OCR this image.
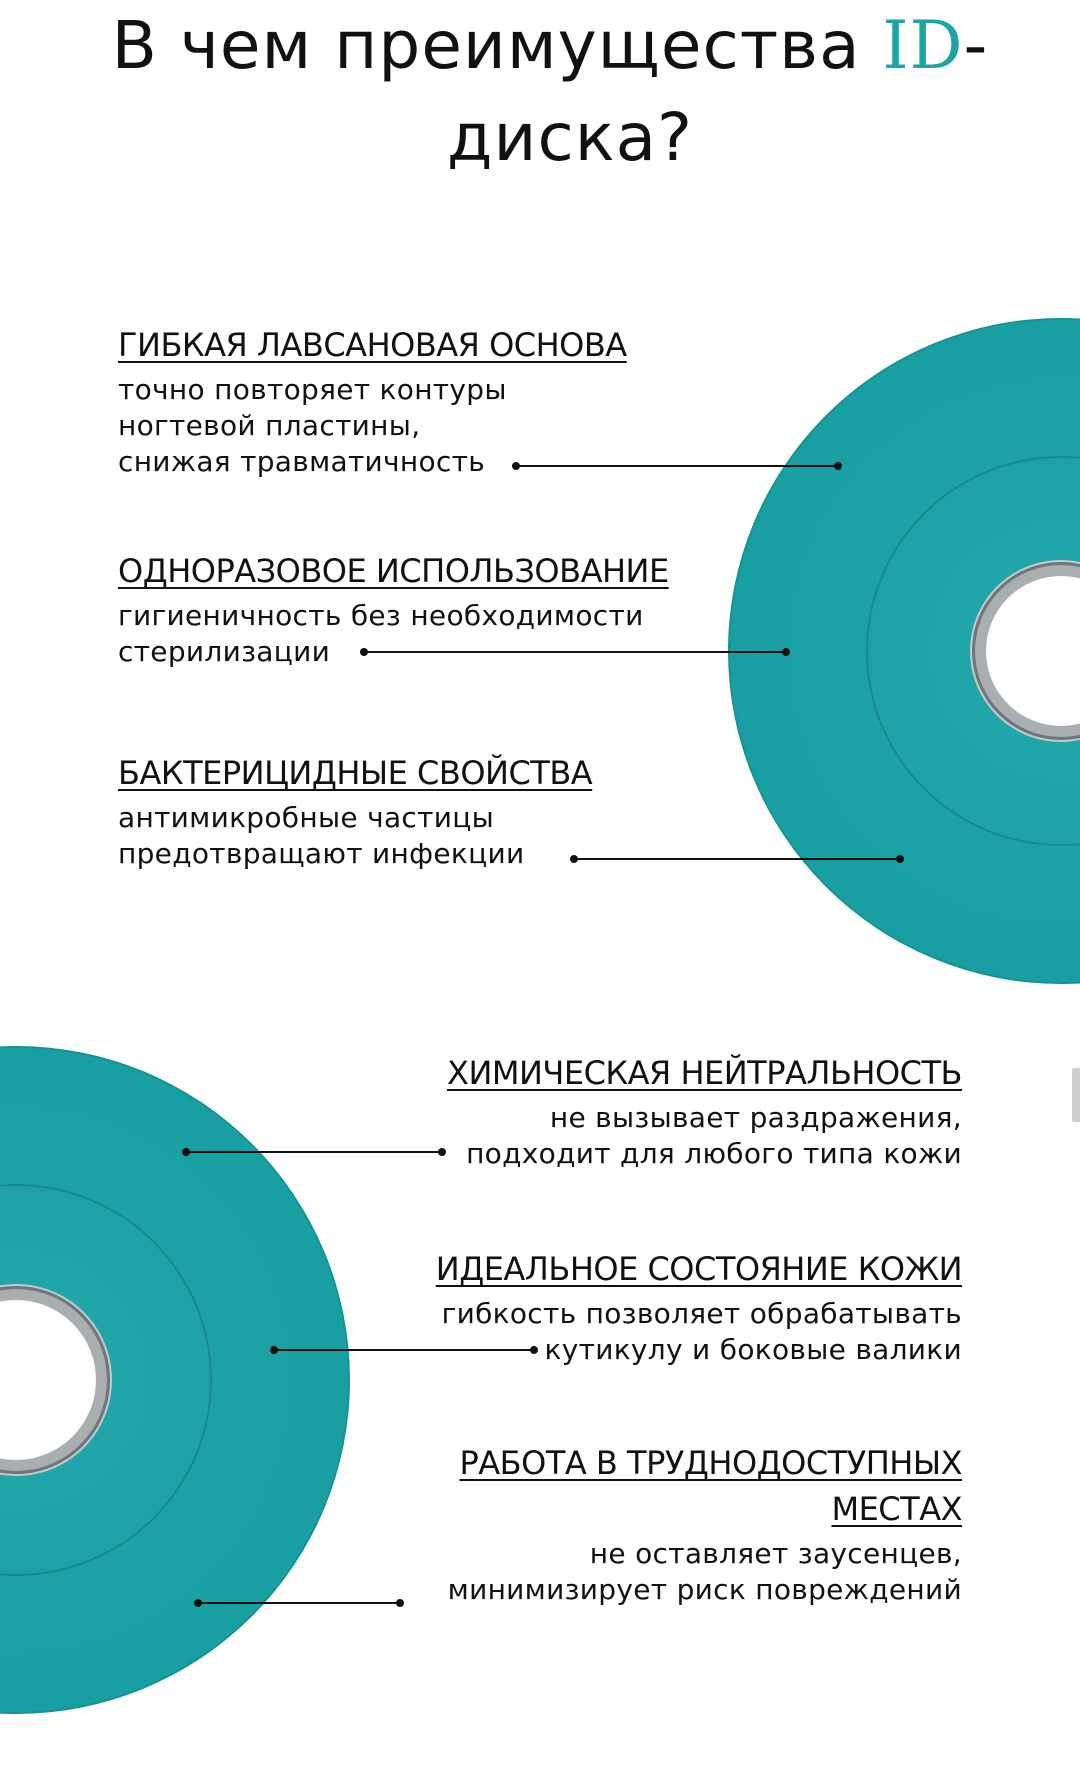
В чем преимущества ID-
диска?
ГИБКАЯ ЛАВСАНОВАЯ ОСНОВА
точно повторяет контуры
ногтевой пластины,
снижая травматичность
ОДНОРАЗОВОЕ ИСПОЛЬЗОВАНИЕ
гигиеничность без необходимости
стерилизации
БАКТЕРИЦИДНЫЕ СВОЙСТВА
антимикробные частицы
предотвращают инфекции
ХИМИЧЕСКАЯ НЕЙТРАЛЬНОСТЬ
не вызывает раздражения,
подходит для любого типа кожи
ИДЕАЛЬНОЕ СОСТОЯНИЕ КОЖИ
гибкость позволяет обрабатывать
кутикулу и боковые валики
РАБОТА В ТРУДНОДОСТУПНЫХ МЕСТАХ
не оставляет заусенцев,
минимизирует риск повреждений
